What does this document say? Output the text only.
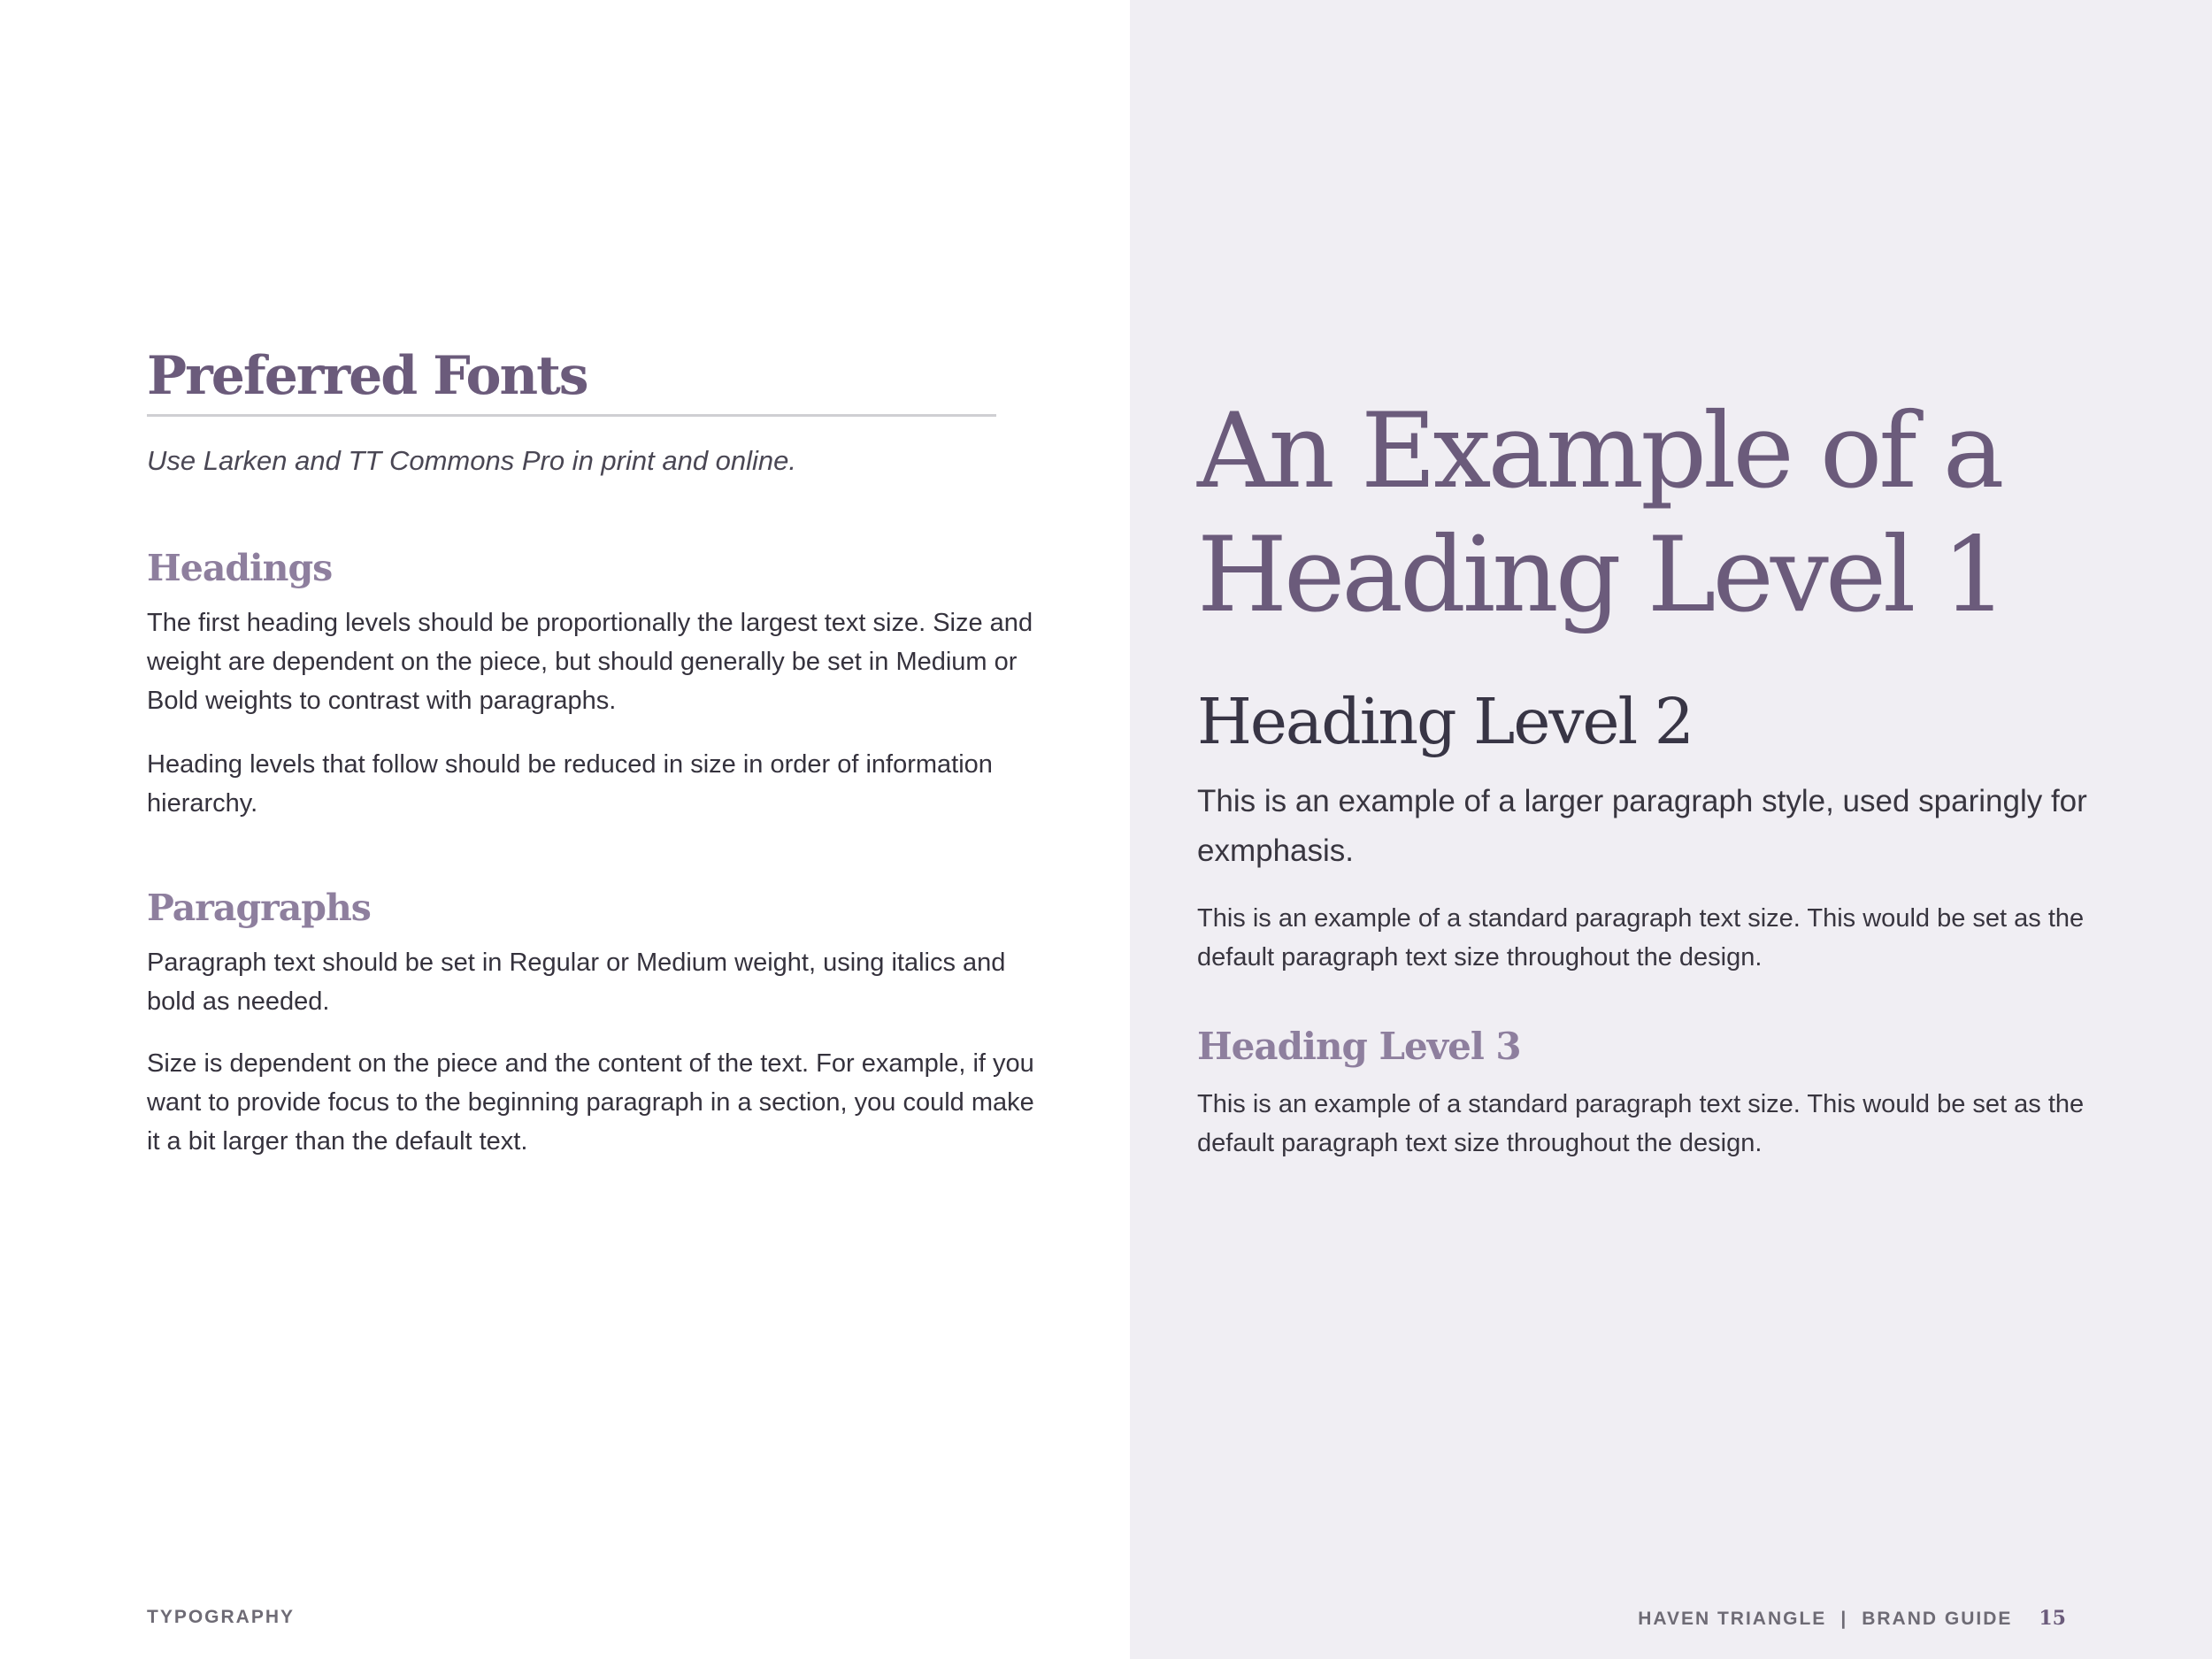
Preferred Fonts

Use Larken and TT Commons Pro in print and online.

Headings

The first heading levels should be proportionally the largest text size. Size and weight are dependent on the piece, but should generally be set in Medium or Bold weights to contrast with paragraphs.

Heading levels that follow should be reduced in size in order of information hierarchy.

Paragraphs

Paragraph text should be set in Regular or Medium weight, using italics and bold as needed.

Size is dependent on the piece and the content of the text. For example, if you want to provide focus to the beginning paragraph in a section, you could make it a bit larger than the default text.

TYPOGRAPHY
An Example of a Heading Level 1
Heading Level 2

This is an example of a larger paragraph style, used sparingly for exmphasis.

This is an example of a standard paragraph text size. This would be set as the default paragraph text size throughout the design.

Heading Level 3

This is an example of a standard paragraph text size. This would be set as the default paragraph text size throughout the design.

HAVEN TRIANGLE | BRAND GUIDE 15
